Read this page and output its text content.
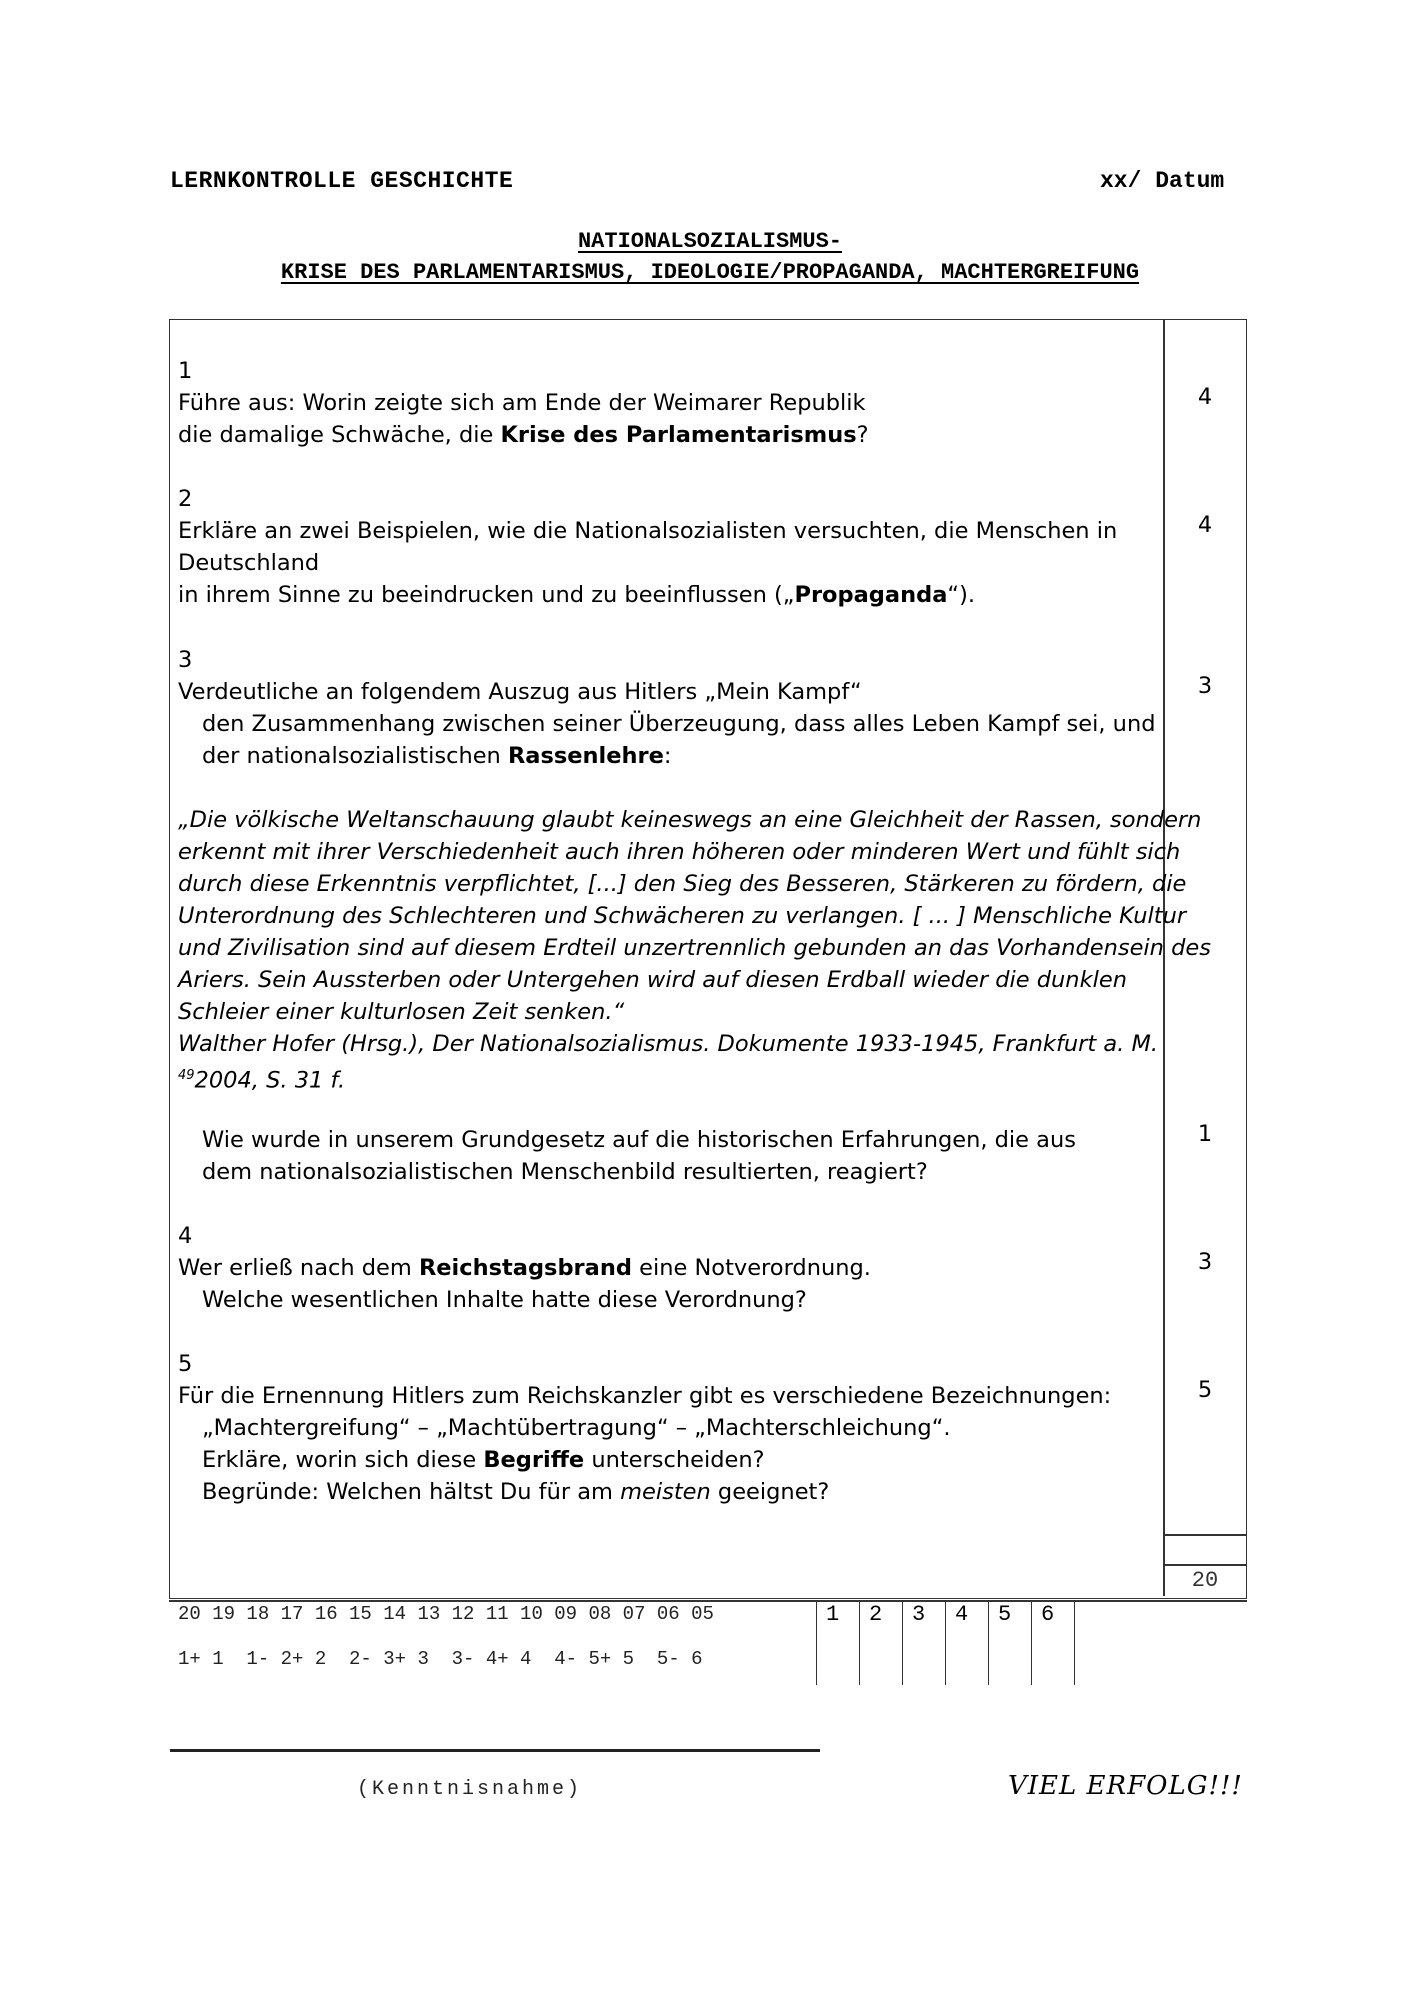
LERNKONTROLLE GESCHICHTE	xx/ Datum
NATIONALSOZIALISMUS-
KRISE DES PARLAMENTARISMUS, IDEOLOGIE/PROPAGANDA, MACHTERGREIFUNG
1
Führe aus: Worin zeigte sich am Ende der Weimarer Republik
die damalige Schwäche, die Krise des Parlamentarismus?
4
2
Erkläre an zwei Beispielen, wie die Nationalsozialisten versuchten, die Menschen in
Deutschland
in ihrem Sinne zu beeindrucken und zu beeinflussen („Propaganda“).
4
3
Verdeutliche an folgendem Auszug aus Hitlers „Mein Kampf“
den Zusammenhang zwischen seiner Überzeugung, dass alles Leben Kampf sei, und
der nationalsozialistischen Rassenlehre:
3
„Die völkische Weltanschauung glaubt keineswegs an eine Gleichheit der Rassen, sondern
erkennt mit ihrer Verschiedenheit auch ihren höheren oder minderen Wert und fühlt sich
durch diese Erkenntnis verpflichtet, [...] den Sieg des Besseren, Stärkeren zu fördern, die
Unterordnung des Schlechteren und Schwächeren zu verlangen. [ ... ] Menschliche Kultur
und Zivilisation sind auf diesem Erdteil unzertrennlich gebunden an das Vorhandensein des
Ariers. Sein Aussterben oder Untergehen wird auf diesen Erdball wieder die dunklen
Schleier einer kulturlosen Zeit senken.“
Walther Hofer (Hrsg.), Der Nationalsozialismus. Dokumente 1933-1945, Frankfurt a. M.
$^{49}$2004, S. 31 f.
Wie wurde in unserem Grundgesetz auf die historischen Erfahrungen, die aus
dem nationalsozialistischen Menschenbild resultierten, reagiert?
1
4
Wer erließ nach dem Reichstagsbrand eine Notverordnung.
Welche wesentlichen Inhalte hatte diese Verordnung?
3
5
Für die Ernennung Hitlers zum Reichskanzler gibt es verschiedene Bezeichnungen:
„Machtergreifung“ – „Machtübertragung“ – „Machterschleichung“.
Erkläre, worin sich diese Begriffe unterscheiden?
Begründe: Welchen hältst Du für am meisten geeignet?
5
20
20 19 18 17 16 15 14 13 12 11 10 09 08 07 06 05
1+ 1  1- 2+ 2  2- 3+ 3  3- 4+ 4  4- 5+ 5  5- 6
1 2 3 4 5 6
(Kenntnisnahme)	VIEL ERFOLG!!!
